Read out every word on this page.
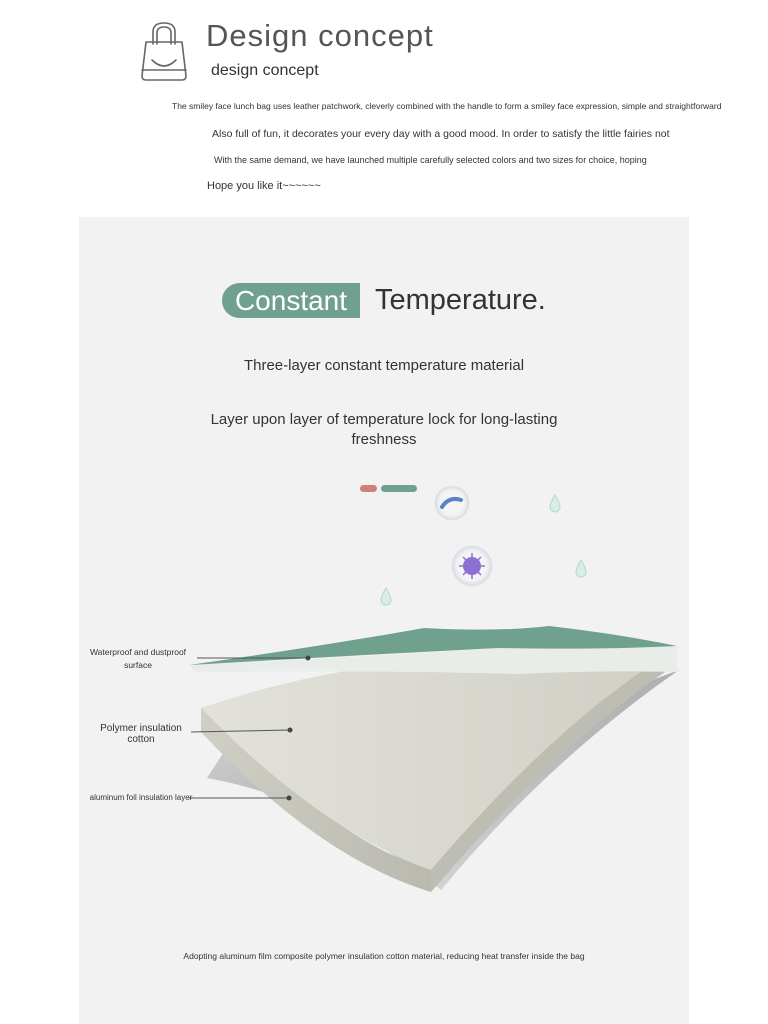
Design concept
design concept
The smiley face lunch bag uses leather patchwork, cleverly combined with the handle to form a smiley face expression, simple and straightforward
Also full of fun, it decorates your every day with a good mood. In order to satisfy the little fairies not
With the same demand, we have launched multiple carefully selected colors and two sizes for choice, hoping
Hope you like it~~~~~~
Constant Temperature.
Three-layer constant temperature material
Layer upon layer of temperature lock for long-lasting freshness
Waterproof and dustproof surface
Polymer insulation cotton
aluminum foil insulation layer
Adopting aluminum film composite polymer insulation cotton material, reducing heat transfer inside the bag
